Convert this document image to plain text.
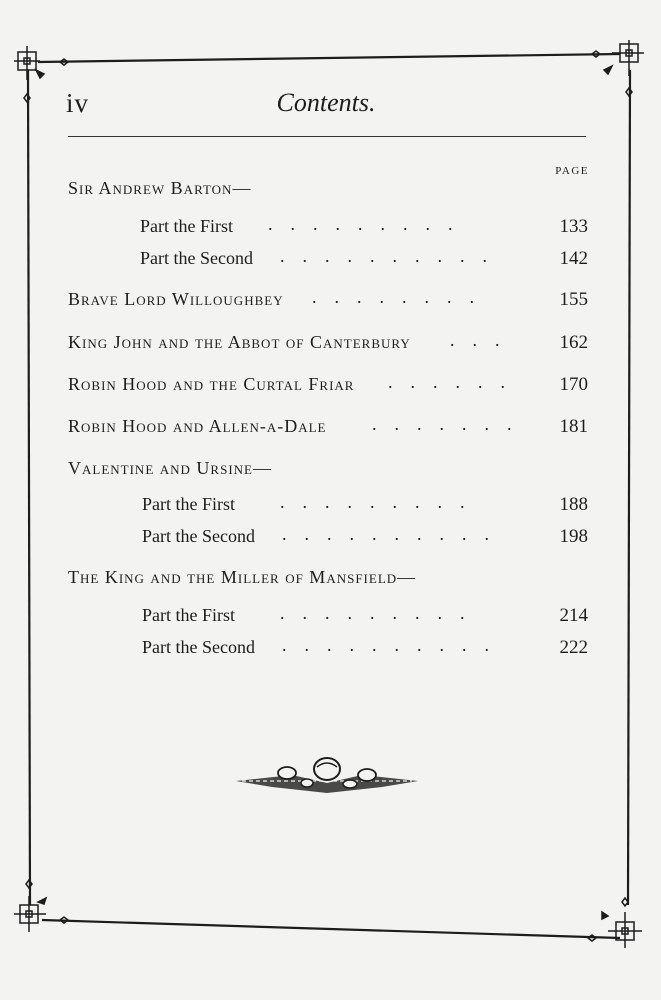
iv	Contents.
PAGE
Sir Andrew Barton—
Part the First .    .    .    .    .    .    .    .    .	133
Part the Second .    .    .    .    .    .    .    .    .    .	142
Brave Lord Willoughbey .    .    .    .    .    .    .    .	155
King John and the Abbot of Canterbury .    .    .	162
Robin Hood and the Curtal Friar .    .    .    .    .    .	170
Robin Hood and Allen-a-Dale	.    .    .    .    .    .    .	181
Valentine and Ursine—
Part the First	.    .    .    .    .    .    .    .    .	188
Part the Second .    .    .    .    .    .    .    .    .    .	198
The King and the Miller of Mansfield—
Part the First	.    .    .    .    .    .    .    .    .	214
Part the Second .    .    .    .    .    .    .    .    .    .	222
